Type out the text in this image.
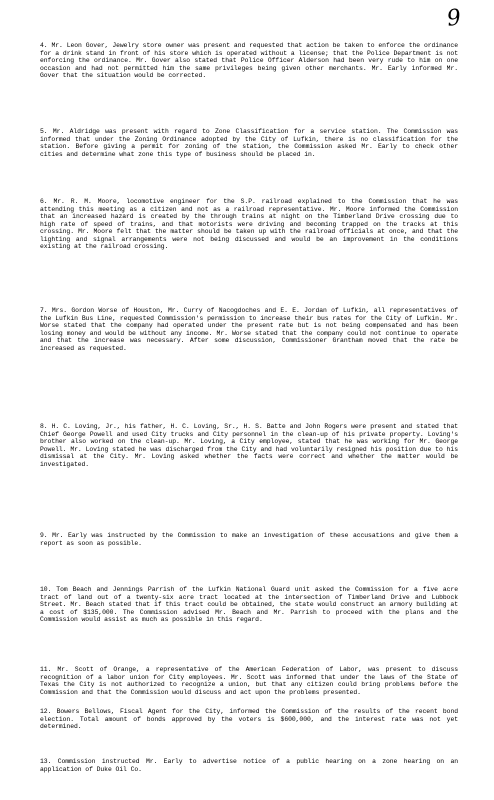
9
4. Mr. Leon Gover, Jewelry store owner was present and requested that action be taken to enforce the ordinance for a drink stand in front of his store which is operated without a license; that the Police Department is not enforcing the ordinance. Mr. Gover also stated that Police Officer Alderson had been very rude to him on one occasion and had not permitted him the same privileges being given other merchants. Mr. Early informed Mr. Gover that the situation would be corrected.
5. Mr. Aldridge was present with regard to Zone Classification for a service station. The Commission was informed that under the Zoning Ordinance adopted by the City of Lufkin, there is no classification for the station. Before giving a permit for zoning of the station, the Commission asked Mr. Early to check other cities and determine what zone this type of business should be placed in.
6. Mr. R. M. Moore, locomotive engineer for the S.P. railroad explained to the Commission that he was attending this meeting as a citizen and not as a railroad representative. Mr. Moore informed the Commission that an increased hazard is created by the through trains at night on the Timberland Drive crossing due to high rate of speed of trains, and that motorists were driving and becoming trapped on the tracks at this crossing. Mr. Moore felt that the matter should be taken up with the railroad officials at once, and that the lighting and signal arrangements were not being discussed and would be an improvement in the conditions existing at the railroad crossing.
7. Mrs. Gordon Worse of Houston, Mr. Curry of Nacogdoches and E. E. Jordan of Lufkin, all representatives of the Lufkin Bus Line, requested Commission's permission to increase their bus rates for the City of Lufkin. Mr. Worse stated that the company had operated under the present rate but is not being compensated and has been losing money and would be without any income. Mr. Worse stated that the company could not continue to operate and that the increase was necessary. After some discussion, Commissioner Grantham moved that the rate be increased as requested.
8. H. C. Loving, Jr., his father, H. C. Loving, Sr., H. S. Batte and John Rogers were present and stated that Chief George Powell and used City trucks and City personnel in the clean-up of his private property. Loving's brother also worked on the clean-up. Mr. Loving, a City employee, stated that he was working for Mr. George Powell. Mr. Loving stated he was discharged from the City and had voluntarily resigned his position due to his dismissal at the City. Mr. Loving asked whether the facts were correct and whether the matter would be investigated.
9. Mr. Early was instructed by the Commission to make an investigation of these accusations and give them a report as soon as possible.
10. Tom Beach and Jennings Parrish of the Lufkin National Guard unit asked the Commission for a five acre tract of land out of a twenty-six acre tract located at the intersection of Timberland Drive and Lubbock Street. Mr. Beach stated that if this tract could be obtained, the state would construct an armory building at a cost of $135,000. The Commission advised Mr. Beach and Mr. Parrish to proceed with the plans and the Commission would assist as much as possible in this regard.
11. Mr. Scott of Orange, a representative of the American Federation of Labor, was present to discuss recognition of a labor union for City employees. Mr. Scott was informed that under the laws of the State of Texas the City is not authorized to recognize a union, but that any citizen could bring problems before the Commission and that the Commission would discuss and act upon the problems presented.
12. Bowers Bellows, Fiscal Agent for the City, informed the Commission of the results of the recent bond election. Total amount of bonds approved by the voters is $600,000, and the interest rate was not yet determined.
13. Commission instructed Mr. Early to advertise notice of a public hearing on a zone hearing on an application of Duke Oil Co.
